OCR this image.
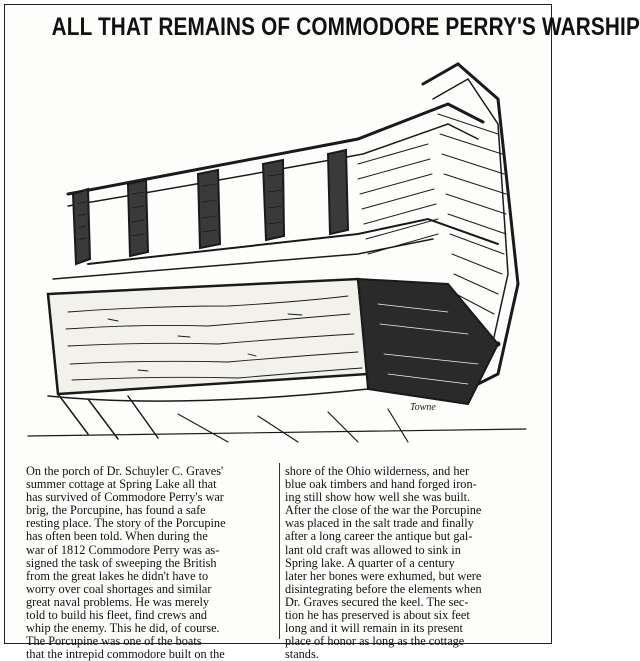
ALL THAT REMAINS OF COMMODORE PERRY'S WARSHIP
Towne
On the porch of Dr. Schuyler C. Graves'
summer cottage at Spring Lake all that
has survived of Commodore Perry's war
brig, the Porcupine, has found a safe
resting place. The story of the Porcupine
has often been told. When during the
war of 1812 Commodore Perry was as-
signed the task of sweeping the British
from the great lakes he didn't have to
worry over coal shortages and similar
great naval problems. He was merely
told to build his fleet, find crews and
whip the enemy. This he did, of course.
The Porcupine was one of the boats
that the intrepid commodore built on the
shore of the Ohio wilderness, and her
blue oak timbers and hand forged iron-
ing still show how well she was built.
After the close of the war the Porcupine
was placed in the salt trade and finally
after a long career the antique but gal-
lant old craft was allowed to sink in
Spring lake. A quarter of a century
later her bones were exhumed, but were
disintegrating before the elements when
Dr. Graves secured the keel. The sec-
tion he has preserved is about six feet
long and it will remain in its present
place of honor as long as the cottage
stands.
